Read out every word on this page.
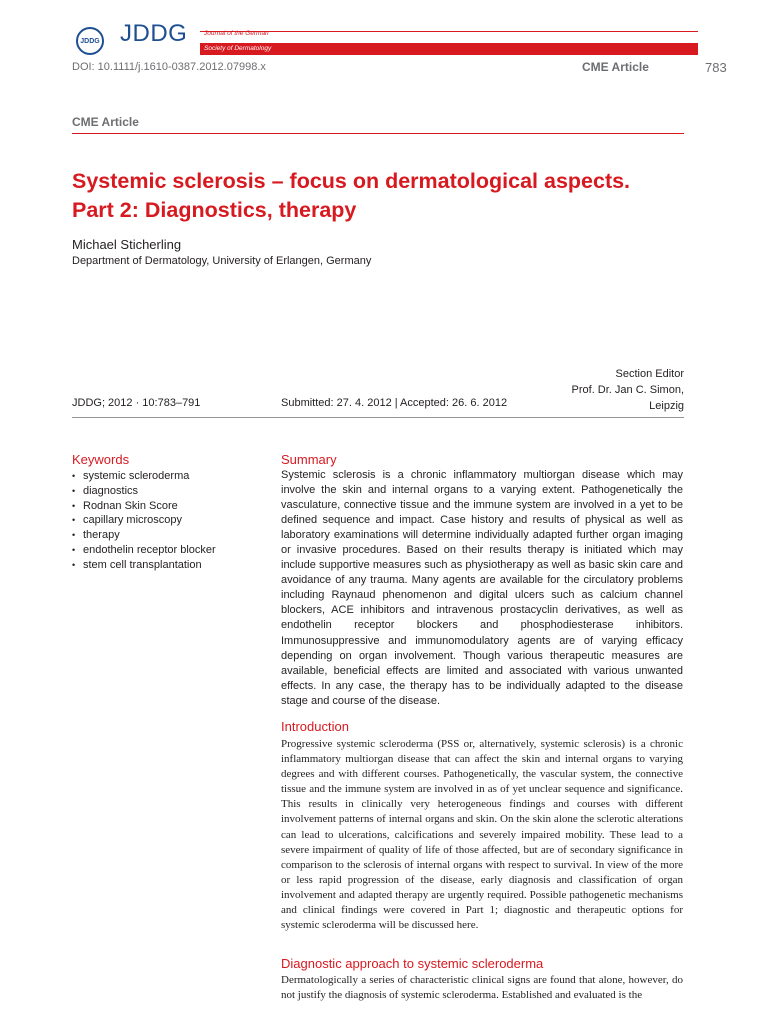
JDDG JDDG	Journal of the German
Society of Dermatology
DOI: 10.1111/j.1610-0387.2012.07998.x	CME Article	783
CME Article
Systemic sclerosis – focus on dermatological aspects.
Part 2: Diagnostics, therapy
Michael Sticherling
Department of Dermatology, University of Erlangen, Germany
Section Editor
Prof. Dr. Jan C. Simon,
Leipzig
JDDG; 2012 · 10:783–791	Submitted: 27. 4. 2012 | Accepted: 26. 6. 2012
Keywords
• systemic scleroderma
• diagnostics
• Rodnan Skin Score
• capillary microscopy
• therapy
• endothelin receptor blocker
• stem cell transplantation
Summary
Systemic sclerosis is a chronic inflammatory multiorgan disease which may involve the skin and internal organs to a varying extent. Pathogenetically the vasculature, connective tissue and the immune system are involved in a yet to be defined sequence and impact. Case history and results of physical as well as laboratory examinations will determine individually adapted further organ imaging or invasive procedures. Based on their results therapy is initiated which may include supportive measures such as physiotherapy as well as basic skin care and avoidance of any trauma. Many agents are available for the circulatory problems including Raynaud phenomenon and digital ulcers such as calcium channel blockers, ACE inhibitors and intravenous prostacyclin derivatives, as well as endothelin receptor blockers and phosphodiesterase inhibitors. Immunosuppressive and immunomodulatory agents are of varying efficacy depending on organ involvement. Though various therapeutic measures are available, beneficial effects are limited and associated with various unwanted effects. In any case, the therapy has to be individually adapted to the disease stage and course of the disease.
Introduction
Progressive systemic scleroderma (PSS or, alternatively, systemic sclerosis) is a chronic inflammatory multiorgan disease that can affect the skin and internal organs to varying degrees and with different courses. Pathogenetically, the vascular system, the connective tissue and the immune system are involved in as of yet unclear sequence and significance. This results in clinically very heterogeneous findings and courses with different involvement patterns of internal organs and skin. On the skin alone the sclerotic alterations can lead to ulcerations, calcifications and severely impaired mobility. These lead to a severe impairment of quality of life of those affected, but are of secondary significance in comparison to the sclerosis of internal organs with respect to survival. In view of the more or less rapid progression of the disease, early diagnosis and classification of organ involvement and adapted therapy are urgently required. Possible pathogenetic mechanisms and clinical findings were covered in Part 1; diagnostic and therapeutic options for systemic scleroderma will be discussed here.
Diagnostic approach to systemic scleroderma
Dermatologically a series of characteristic clinical signs are found that alone, however, do not justify the diagnosis of systemic scleroderma. Established and evaluated is the
